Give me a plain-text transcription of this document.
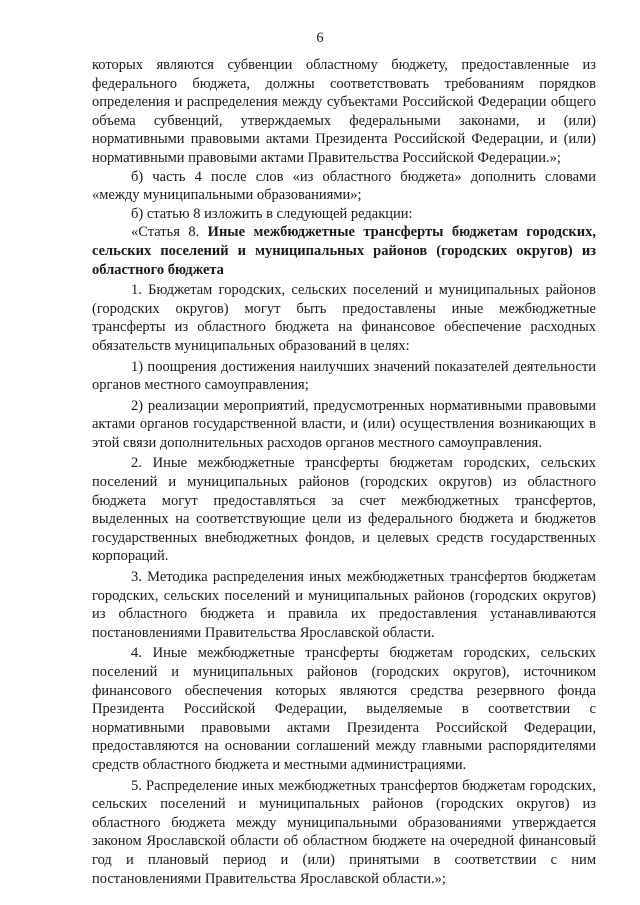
6

которых являются субвенции областному бюджету, предоставленные из федерального бюджета, должны соответствовать требованиям порядков определения и распределения между субъектами Российской Федерации общего объема субвенций, утверждаемых федеральными законами, и (или) нормативными правовыми актами Президента Российской Федерации, и (или) нормативными правовыми актами Правительства Российской Федерации.»;

б) часть 4 после слов «из областного бюджета» дополнить словами «между муниципальными образованиями»;

б) статью 8 изложить в следующей редакции:

«Статья 8. Иные межбюджетные трансферты бюджетам городских, сельских поселений и муниципальных районов (городских округов) из областного бюджета

1. Бюджетам городских, сельских поселений и муниципальных районов (городских округов) могут быть предоставлены иные межбюджетные трансферты из областного бюджета на финансовое обеспечение расходных обязательств муниципальных образований в целях:

1) поощрения достижения наилучших значений показателей деятельности органов местного самоуправления;

2) реализации мероприятий, предусмотренных нормативными правовыми актами органов государственной власти, и (или) осуществления возникающих в этой связи дополнительных расходов органов местного самоуправления.

2. Иные межбюджетные трансферты бюджетам городских, сельских поселений и муниципальных районов (городских округов) из областного бюджета могут предоставляться за счет межбюджетных трансфертов, выделенных на соответствующие цели из федерального бюджета и бюджетов государственных внебюджетных фондов, и целевых средств государственных корпораций.

3. Методика распределения иных межбюджетных трансфертов бюджетам городских, сельских поселений и муниципальных районов (городских округов) из областного бюджета и правила их предоставления устанавливаются постановлениями Правительства Ярославской области.

4. Иные межбюджетные трансферты бюджетам городских, сельских поселений и муниципальных районов (городских округов), источником финансового обеспечения которых являются средства резервного фонда Президента Российской Федерации, выделяемые в соответствии с нормативными правовыми актами Президента Российской Федерации, предоставляются на основании соглашений между главными распорядителями средств областного бюджета и местными администрациями.

5. Распределение иных межбюджетных трансфертов бюджетам городских, сельских поселений и муниципальных районов (городских округов) из областного бюджета между муниципальными образованиями утверждается законом Ярославской области об областном бюджете на очередной финансовый год и плановый период и (или) принятыми в соответствии с ним постановлениями Правительства Ярославской области.»;
